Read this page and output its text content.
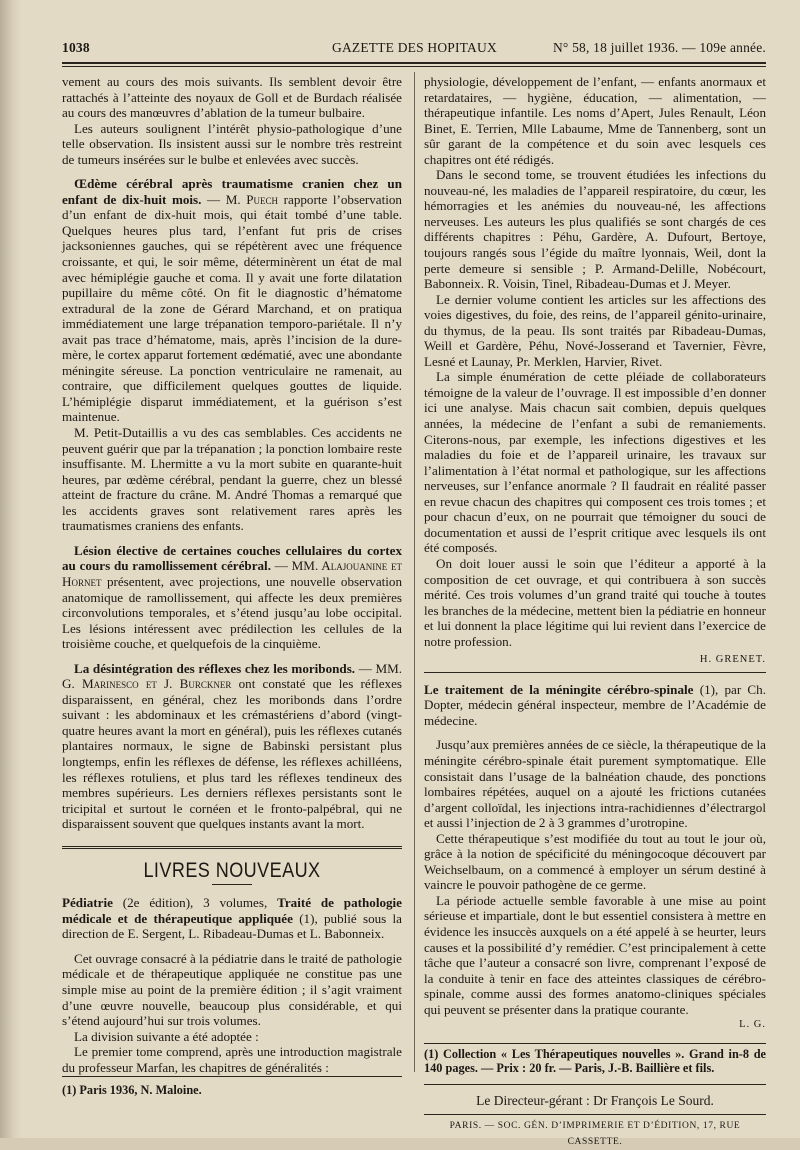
1038	GAZETTE DES HOPITAUX	N° 58, 18 juillet 1936. — 109e année.

vement au cours des mois suivants. Ils semblent devoir être rattachés à l’atteinte des noyaux de Goll et de Burdach réalisée au cours des manœuvres d’ablation de la tumeur bulbaire.

Les auteurs soulignent l’intérêt physio-pathologique d’une telle observation. Ils insistent aussi sur le nombre très restreint de tumeurs insérées sur le bulbe et enlevées avec succès.

Œdème cérébral après traumatisme cranien chez un enfant de dix-huit mois. — M. Puech rapporte l’observation d’un enfant de dix-huit mois, qui était tombé d’une table. Quelques heures plus tard, l’enfant fut pris de crises jacksoniennes gauches, qui se répétèrent avec une fréquence croissante, et qui, le soir même, déterminèrent un état de mal avec hémiplégie gauche et coma. Il y avait une forte dilatation pupillaire du même côté. On fit le diagnostic d’hématome extradural de la zone de Gérard Marchand, et on pratiqua immédiatement une large trépanation temporo-pariétale. Il n’y avait pas trace d’hématome, mais, après l’incision de la dure-mère, le cortex apparut fortement œdématié, avec une abondante méningite séreuse. La ponction ventriculaire ne ramenait, au contraire, que difficilement quelques gouttes de liquide. L’hémiplégie disparut immédiatement, et la guérison s’est maintenue.

M. Petit-Dutaillis a vu des cas semblables. Ces accidents ne peuvent guérir que par la trépanation ; la ponction lombaire reste insuffisante. M. Lhermitte a vu la mort subite en quarante-huit heures, par œdème cérébral, pendant la guerre, chez un blessé atteint de fracture du crâne. M. André Thomas a remarqué que les accidents graves sont relativement rares après les traumatismes craniens des enfants.

Lésion élective de certaines couches cellulaires du cortex au cours du ramollissement cérébral. — MM. Alajouanine et Hornet présentent, avec projections, une nouvelle observation anatomique de ramollissement, qui affecte les deux premières circonvolutions temporales, et s’étend jusqu’au lobe occipital. Les lésions intéressent avec prédilection les cellules de la troisième couche, et quelquefois de la cinquième.

La désintégration des réflexes chez les moribonds. — MM. G. Marinesco et J. Burckner ont constaté que les réflexes disparaissent, en général, chez les moribonds dans l’ordre suivant : les abdominaux et les crémastériens d’abord (vingt-quatre heures avant la mort en général), puis les réflexes cutanés plantaires normaux, le signe de Babinski persistant plus longtemps, enfin les réflexes de défense, les réflexes achilléens, les réflexes rotuliens, et plus tard les réflexes tendineux des membres supérieurs. Les derniers réflexes persistants sont le tricipital et surtout le cornéen et le fronto-palpébral, qui ne disparaissent souvent que quelques instants avant la mort.

LIVRES NOUVEAUX

Pédiatrie (2e édition), 3 volumes, Traité de pathologie médicale et de thérapeutique appliquée (1), publié sous la direction de E. Sergent, L. Ribadeau-Dumas et L. Babonneix.

Cet ouvrage consacré à la pédiatrie dans le traité de pathologie médicale et de thérapeutique appliquée ne constitue pas une simple mise au point de la première édition ; il s’agit vraiment d’une œuvre nouvelle, beaucoup plus considérable, et qui s’étend aujourd’hui sur trois volumes.

La division suivante a été adoptée :

Le premier tome comprend, après une introduction magistrale du professeur Marfan, les chapitres de généralités :

(1) Paris 1936, N. Maloine.

physiologie, développement de l’enfant, — enfants anormaux et retardataires, — hygiène, éducation, — alimentation, — thérapeutique infantile. Les noms d’Apert, Jules Renault, Léon Binet, E. Terrien, Mlle Labaume, Mme de Tannenberg, sont un sûr garant de la compétence et du soin avec lesquels ces chapitres ont été rédigés.

Dans le second tome, se trouvent étudiées les infections du nouveau-né, les maladies de l’appareil respiratoire, du cœur, les hémorragies et les anémies du nouveau-né, les affections nerveuses. Les auteurs les plus qualifiés se sont chargés de ces différents chapitres : Péhu, Gardère, A. Dufourt, Bertoye, toujours rangés sous l’égide du maître lyonnais, Weil, dont la perte demeure si sensible ; P. Armand-Delille, Nobécourt, Babonneix. R. Voisin, Tinel, Ribadeau-Dumas et J. Meyer.

Le dernier volume contient les articles sur les affections des voies digestives, du foie, des reins, de l’appareil génito-urinaire, du thymus, de la peau. Ils sont traités par Ribadeau-Dumas, Weill et Gardère, Péhu, Nové-Josserand et Tavernier, Fèvre, Lesné et Launay, Pr. Merklen, Harvier, Rivet.

La simple énumération de cette pléiade de collaborateurs témoigne de la valeur de l’ouvrage. Il est impossible d’en donner ici une analyse. Mais chacun sait combien, depuis quelques années, la médecine de l’enfant a subi de remaniements. Citerons-nous, par exemple, les infections digestives et les maladies du foie et de l’appareil urinaire, les travaux sur l’alimentation à l’état normal et pathologique, sur les affections nerveuses, sur l’enfance anormale ? Il faudrait en réalité passer en revue chacun des chapitres qui composent ces trois tomes ; et pour chacun d’eux, on ne pourrait que témoigner du souci de documentation et aussi de l’esprit critique avec lesquels ils ont été composés.

On doit louer aussi le soin que l’éditeur a apporté à la composition de cet ouvrage, et qui contribuera à son succès mérité. Ces trois volumes d’un grand traité qui touche à toutes les branches de la médecine, mettent bien la pédiatrie en honneur et lui donnent la place légitime qui lui revient dans l’exercice de notre profession.

H. GRENET.

Le traitement de la méningite cérébro-spinale (1), par Ch. Dopter, médecin général inspecteur, membre de l’Académie de médecine.

Jusqu’aux premières années de ce siècle, la thérapeutique de la méningite cérébro-spinale était purement symptomatique. Elle consistait dans l’usage de la balnéation chaude, des ponctions lombaires répétées, auquel on a ajouté les frictions cutanées d’argent colloïdal, les injections intra-rachidiennes d’électrargol et aussi l’injection de 2 à 3 grammes d’urotropine.

Cette thérapeutique s’est modifiée du tout au tout le jour où, grâce à la notion de spécificité du méningocoque découvert par Weichselbaum, on a commencé à employer un sérum destiné à vaincre le pouvoir pathogène de ce germe.

La période actuelle semble favorable à une mise au point sérieuse et impartiale, dont le but essentiel consistera à mettre en évidence les insuccès auxquels on a été appelé à se heurter, leurs causes et la possibilité d’y remédier. C’est principalement à cette tâche que l’auteur a consacré son livre, comprenant l’exposé de la conduite à tenir en face des atteintes classiques de cérébro-spinale, comme aussi des formes anatomo-cliniques spéciales qui peuvent se présenter dans la pratique courante.

L. G.
(1) Collection « Les Thérapeutiques nouvelles ». Grand in-8 de 140 pages. — Prix : 20 fr. — Paris, J.-B. Baillière et fils.
Le Directeur-gérant : Dr François Le Sourd.
PARIS. — SOC. GÉN. D’IMPRIMERIE ET D’ÉDITION, 17, RUE CASSETTE.
